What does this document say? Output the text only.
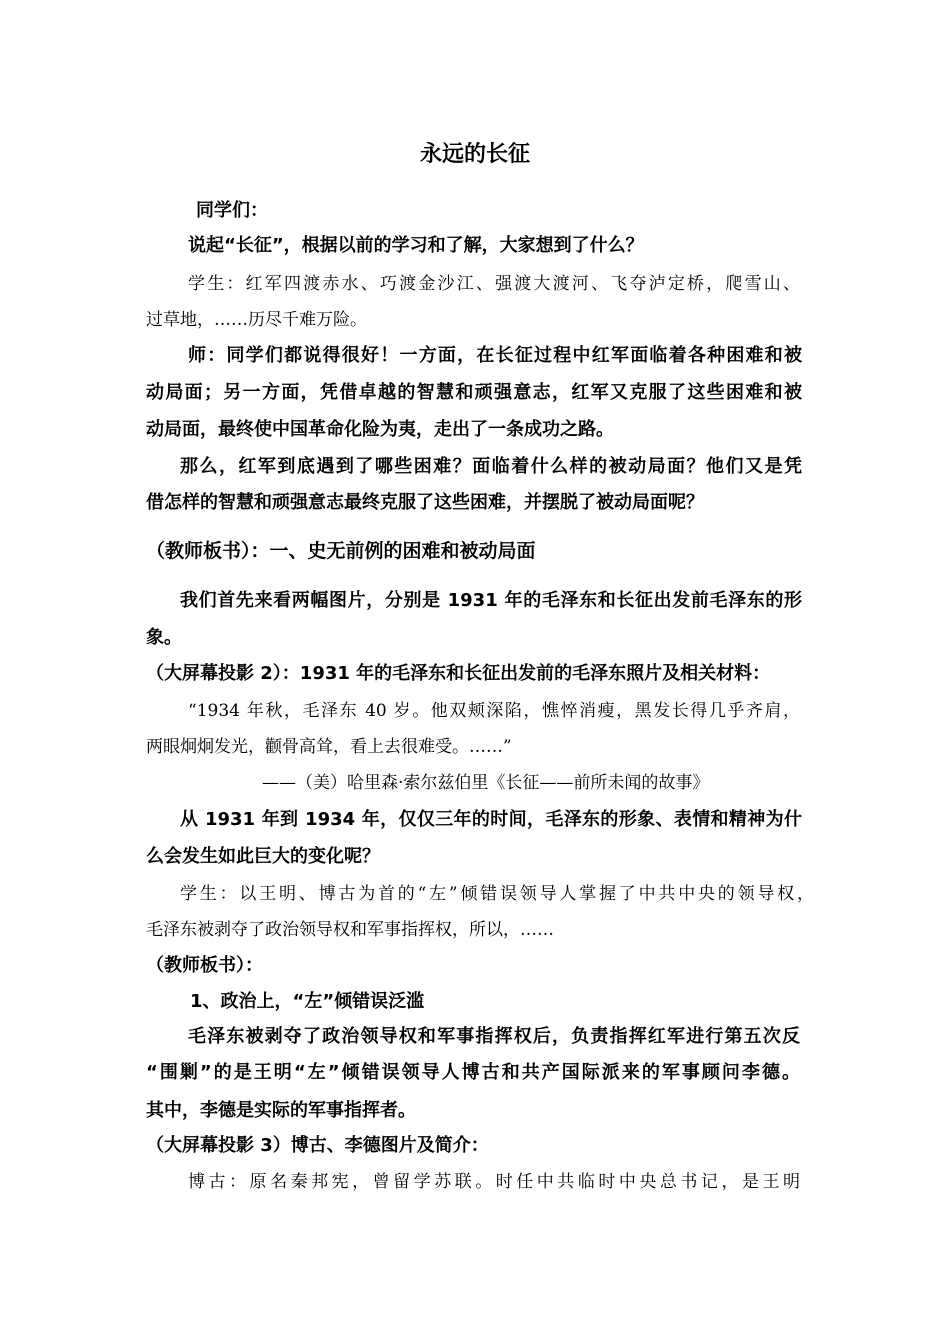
永远的长征
同学们：
说起“长征”，根据以前的学习和了解，大家想到了什么？
学生：红军四渡赤水、巧渡金沙江、强渡大渡河、飞夺泸定桥，爬雪山、
过草地，……历尽千难万险。
师：同学们都说得很好！一方面，在长征过程中红军面临着各种困难和被
动局面；另一方面，凭借卓越的智慧和顽强意志，红军又克服了这些困难和被
动局面，最终使中国革命化险为夷，走出了一条成功之路。
那么，红军到底遇到了哪些困难？面临着什么样的被动局面？他们又是凭
借怎样的智慧和顽强意志最终克服了这些困难，并摆脱了被动局面呢？
（教师板书）：一、史无前例的困难和被动局面
我们首先来看两幅图片，分别是 1931 年的毛泽东和长征出发前毛泽东的形
象。
（大屏幕投影 2）：1931 年的毛泽东和长征出发前的毛泽东照片及相关材料：
“1934 年秋，毛泽东 40 岁。他双颊深陷，憔悴消瘦，黑发长得几乎齐肩，
两眼炯炯发光，颧骨高耸，看上去很难受。……”
——（美）哈里森·索尔兹伯里《长征——前所未闻的故事》
从 1931 年到 1934 年，仅仅三年的时间，毛泽东的形象、表情和精神为什
么会发生如此巨大的变化呢？
学生：以王明、博古为首的“左”倾错误领导人掌握了中共中央的领导权，
毛泽东被剥夺了政治领导权和军事指挥权，所以，……
（教师板书）：
1、政治上，“左”倾错误泛滥
毛泽东被剥夺了政治领导权和军事指挥权后，负责指挥红军进行第五次反
“围剿”的是王明“左”倾错误领导人博古和共产国际派来的军事顾问李德。
其中，李德是实际的军事指挥者。
（大屏幕投影 3）博古、李德图片及简介：
博古：原名秦邦宪，曾留学苏联。时任中共临时中央总书记，是王明
